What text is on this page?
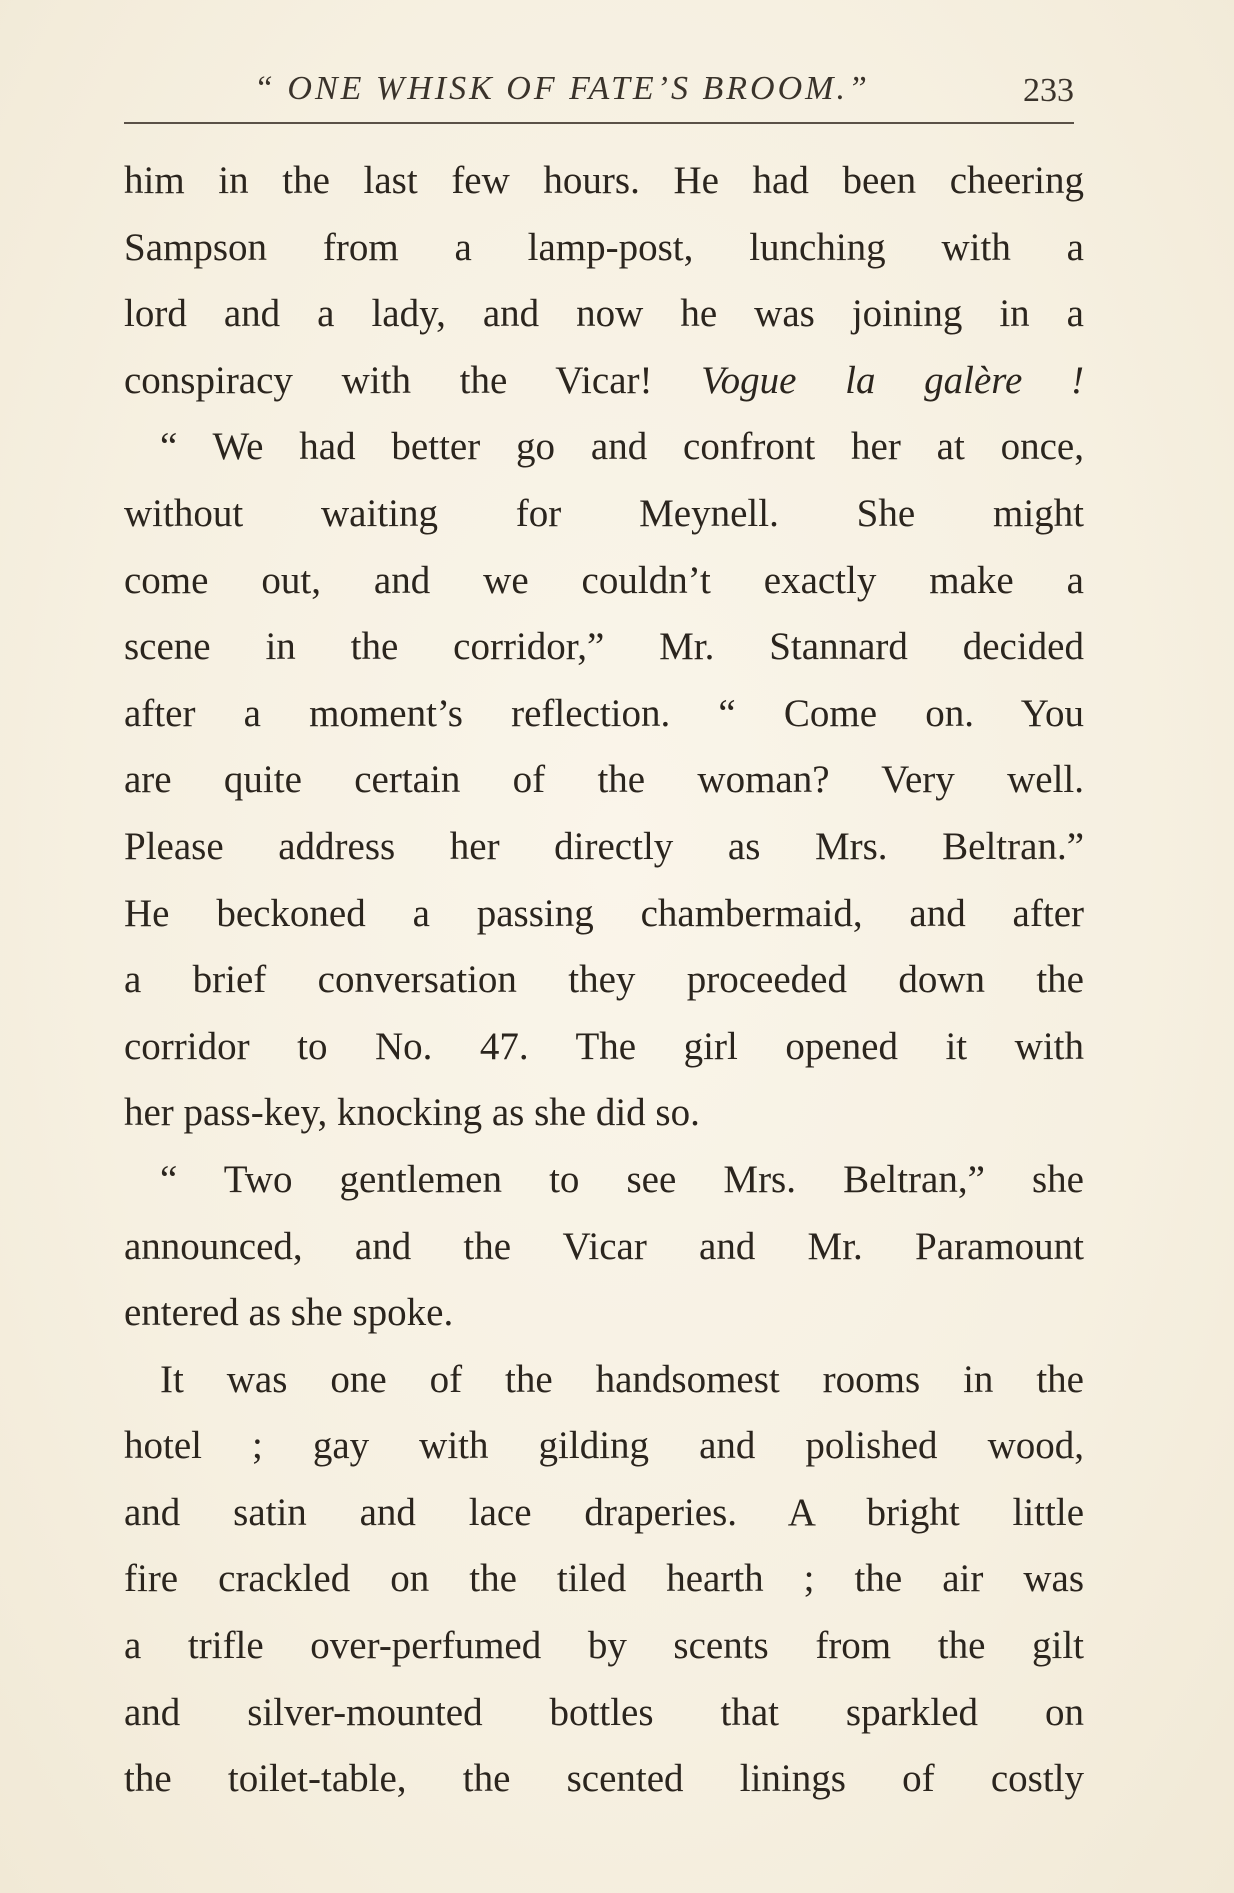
“ ONE WHISK OF FATE’S BROOM.”	233
him in the last few hours. He had been cheering
Sampson from a lamp-post, lunching with a
lord and a lady, and now he was joining in a
conspiracy with the Vicar! Vogue la galère !
“ We had better go and confront her at once,
without waiting for Meynell. She might
come out, and we couldn’t exactly make a
scene in the corridor,” Mr. Stannard decided
after a moment’s reflection. “ Come on. You
are quite certain of the woman? Very well.
Please address her directly as Mrs. Beltran.”
He beckoned a passing chambermaid, and after
a brief conversation they proceeded down the
corridor to No. 47. The girl opened it with
her pass-key, knocking as she did so.
“ Two gentlemen to see Mrs. Beltran,” she
announced, and the Vicar and Mr. Paramount
entered as she spoke.
It was one of the handsomest rooms in the
hotel ; gay with gilding and polished wood,
and satin and lace draperies. A bright little
fire crackled on the tiled hearth ; the air was
a trifle over-perfumed by scents from the gilt
and silver-mounted bottles that sparkled on
the toilet-table, the scented linings of costly
